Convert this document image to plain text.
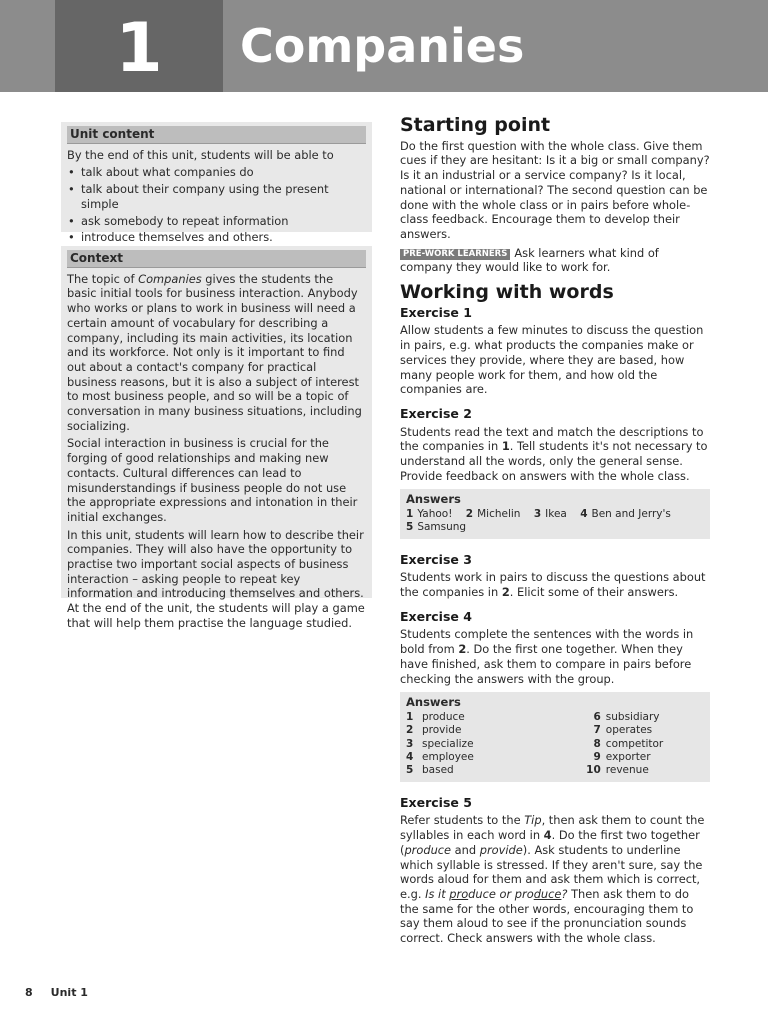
1	Companies
Unit content

By the end of this unit, students will be able to

• talk about what companies do
• talk about their company using the present simple
• ask somebody to repeat information
• introduce themselves and others.
Context

The topic of Companies gives the students the basic initial tools for business interaction. Anybody who works or plans to work in business will need a certain amount of vocabulary for describing a company, including its main activities, its location and its workforce. Not only is it important to find out about a contact's company for practical business reasons, but it is also a subject of interest to most business people, and so will be a topic of conversation in many business situations, including socializing.

Social interaction in business is crucial for the forging of good relationships and making new contacts. Cultural differences can lead to misunderstandings if business people do not use the appropriate expressions and intonation in their initial exchanges.

In this unit, students will learn how to describe their companies. They will also have the opportunity to practise two important social aspects of business interaction – asking people to repeat key information and introducing themselves and others. At the end of the unit, the students will play a game that will help them practise the language studied.

Starting point

Do the first question with the whole class. Give them cues if they are hesitant: Is it a big or small company? Is it an industrial or a service company? Is it local, national or international? The second question can be done with the whole class or in pairs before whole-class feedback. Encourage them to develop their answers.

PRE-WORK LEARNERS Ask learners what kind of company they would like to work for.

Working with words
Exercise 1

Allow students a few minutes to discuss the question in pairs, e.g. what products the companies make or services they provide, where they are based, how many people work for them, and how old the companies are.

Exercise 2

Students read the text and match the descriptions to the companies in 1. Tell students it's not necessary to understand all the words, only the general sense. Provide feedback on answers with the whole class.

Answers
1 Yahoo! 2 Michelin 3 Ikea 4 Ben and Jerry's
5 Samsung
Exercise 3

Students work in pairs to discuss the questions about the companies in 2. Elicit some of their answers.

Exercise 4

Students complete the sentences with the words in bold from 2. Do the first one together. When they have finished, ask them to compare in pairs before checking the answers with the group.

Answers
1 produce
2 provide
3 specialize
4 employee
5 based
6 subsidiary
7 operates
8 competitor
9 exporter
10 revenue
Exercise 5

Refer students to the Tip, then ask them to count the syllables in each word in 4. Do the first two together (produce and provide). Ask students to underline which syllable is stressed. If they aren't sure, say the words aloud for them and ask them which is correct, e.g. Is it produce or produce? Then ask them to do the same for the other words, encouraging them to say them aloud to see if the pronunciation sounds correct. Check answers with the whole class.

8 Unit 1
